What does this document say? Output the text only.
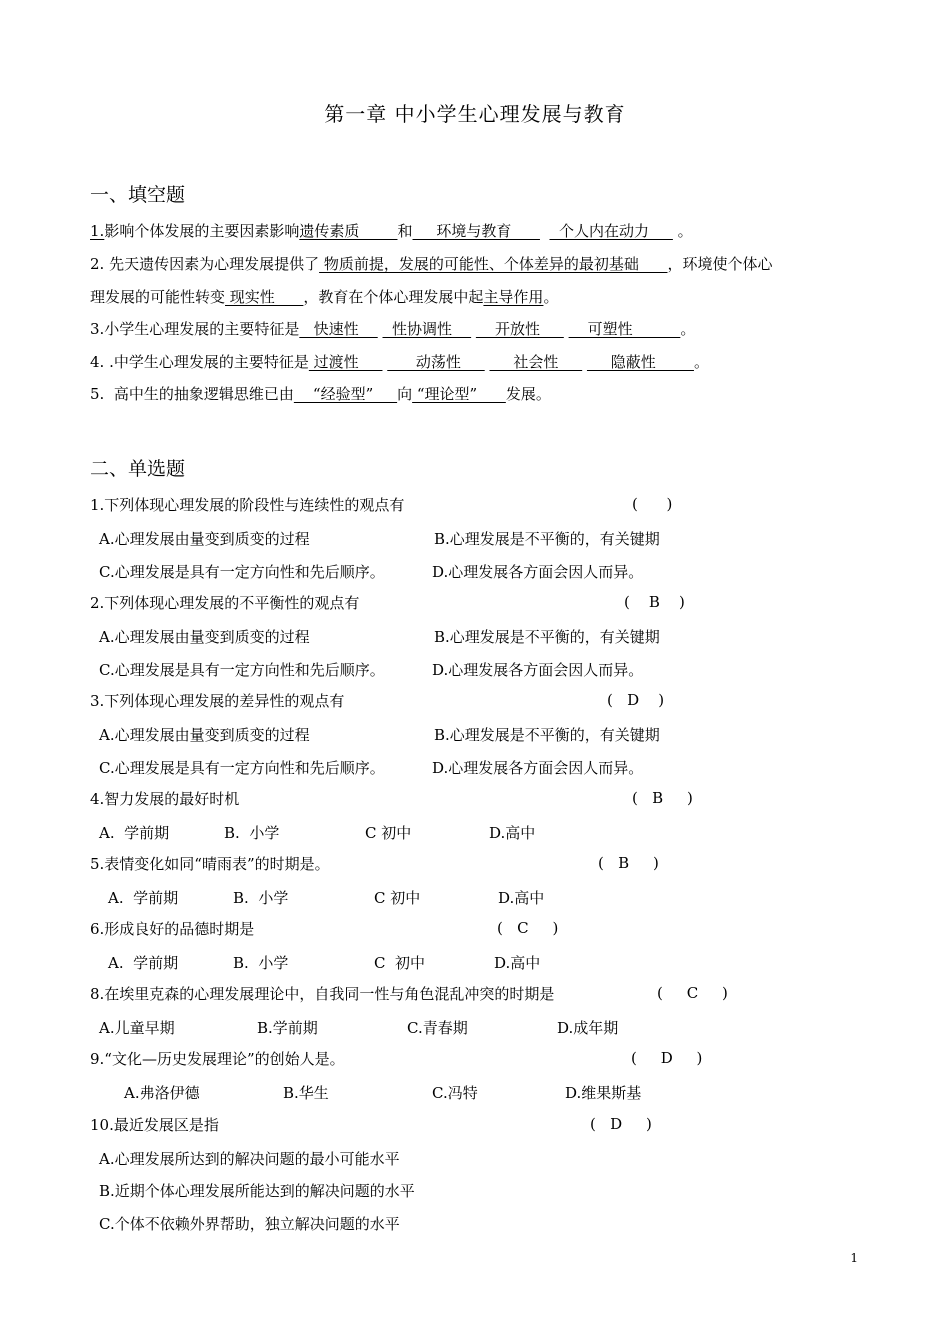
第一章 中小学生心理发展与教育
一、填空题
1.影响个体发展的主要因素影响遗传素质        和     环境与教育          个人内在动力      。
2. 先天遗传因素为心理发展提供了 物质前提，发展的可能性、个体差异的最初基础      ，环境使个体心
理发展的可能性转变 现实性      ，教育在个体心理发展中起主导作用。
3.小学生心理发展的主要特征是   快速性       性协调性         开放性          可塑性          。
4. .中学生心理发展的主要特征是 过渡性            动荡性           社会性           隐蔽性        。
5.  高中生的抽象逻辑思维已由    “经验型”     向 “理论型”      发展。
二、单选题
1.下列体现心理发展的阶段性与连续性的观点有	(      )
A.心理发展由量变到质变的过程	B.心理发展是不平衡的，有关键期
C.心理发展是具有一定方向性和先后顺序。	D.心理发展各方面会因人而异。
2.下列体现心理发展的不平衡性的观点有	(    B    )
A.心理发展由量变到质变的过程	B.心理发展是不平衡的，有关键期
C.心理发展是具有一定方向性和先后顺序。	D.心理发展各方面会因人而异。
3.下列体现心理发展的差异性的观点有	(   D    )
A.心理发展由量变到质变的过程	B.心理发展是不平衡的，有关键期
C.心理发展是具有一定方向性和先后顺序。	D.心理发展各方面会因人而异。
4.智力发展的最好时机	(   B     )
A.  学前期	B.  小学	C 初中	D.高中
5.表情变化如同“晴雨表”的时期是。	(   B     )
A.  学前期	B.  小学	C 初中	D.高中
6.形成良好的品德时期是	(   C     )
A.  学前期	B.  小学	C  初中	D.高中
8.在埃里克森的心理发展理论中，自我同一性与角色混乱冲突的时期是	(     C     )
A.儿童早期	B.学前期	C.青春期	D.成年期
9.“文化—历史发展理论”的创始人是。	(     D     )
A.弗洛伊德	B.华生	C.冯特	D.维果斯基
10.最近发展区是指	(   D     )
A.心理发展所达到的解决问题的最小可能水平
B.近期个体心理发展所能达到的解决问题的水平
C.个体不依赖外界帮助，独立解决问题的水平
1
